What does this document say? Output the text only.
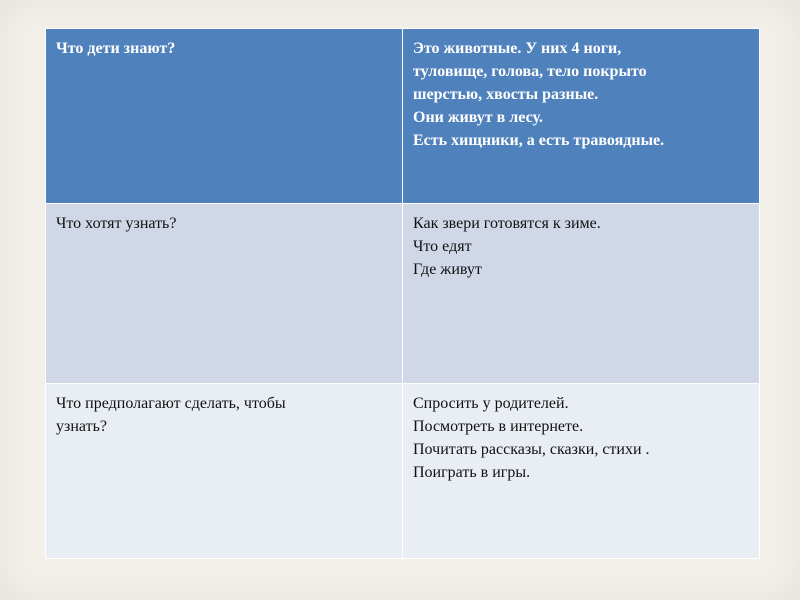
Что дети знают?	Это животные. У них 4 ноги,
туловище, голова, тело покрыто
шерстью, хвосты разные.
Они живут в лесу.
Есть хищники, а есть травоядные.

Что хотят узнать?	Как звери готовятся к зиме.
Что едят
Где живут

Что предполагают сделать, чтобы
узнать?	Спросить у родителей.
Посмотреть в интернете.
Почитать рассказы, сказки, стихи .
Поиграть в игры.
